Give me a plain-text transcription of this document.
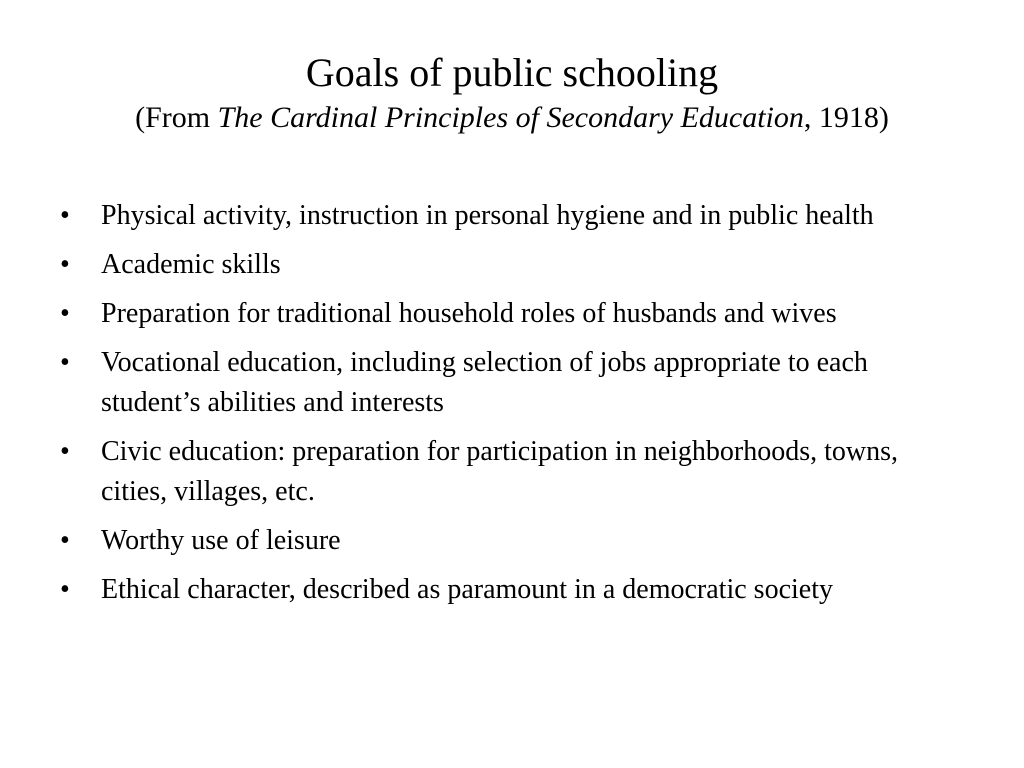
Goals of public schooling
(From The Cardinal Principles of Secondary Education, 1918)
•	Physical activity, instruction in personal hygiene and in public health
•	Academic skills
•	Preparation for traditional household roles of husbands and wives
•	Vocational education, including selection of jobs appropriate to each student’s abilities and interests
•	Civic education: preparation for participation in neighborhoods, towns, cities, villages, etc.
•	Worthy use of leisure
•	Ethical character, described as paramount in a democratic society
